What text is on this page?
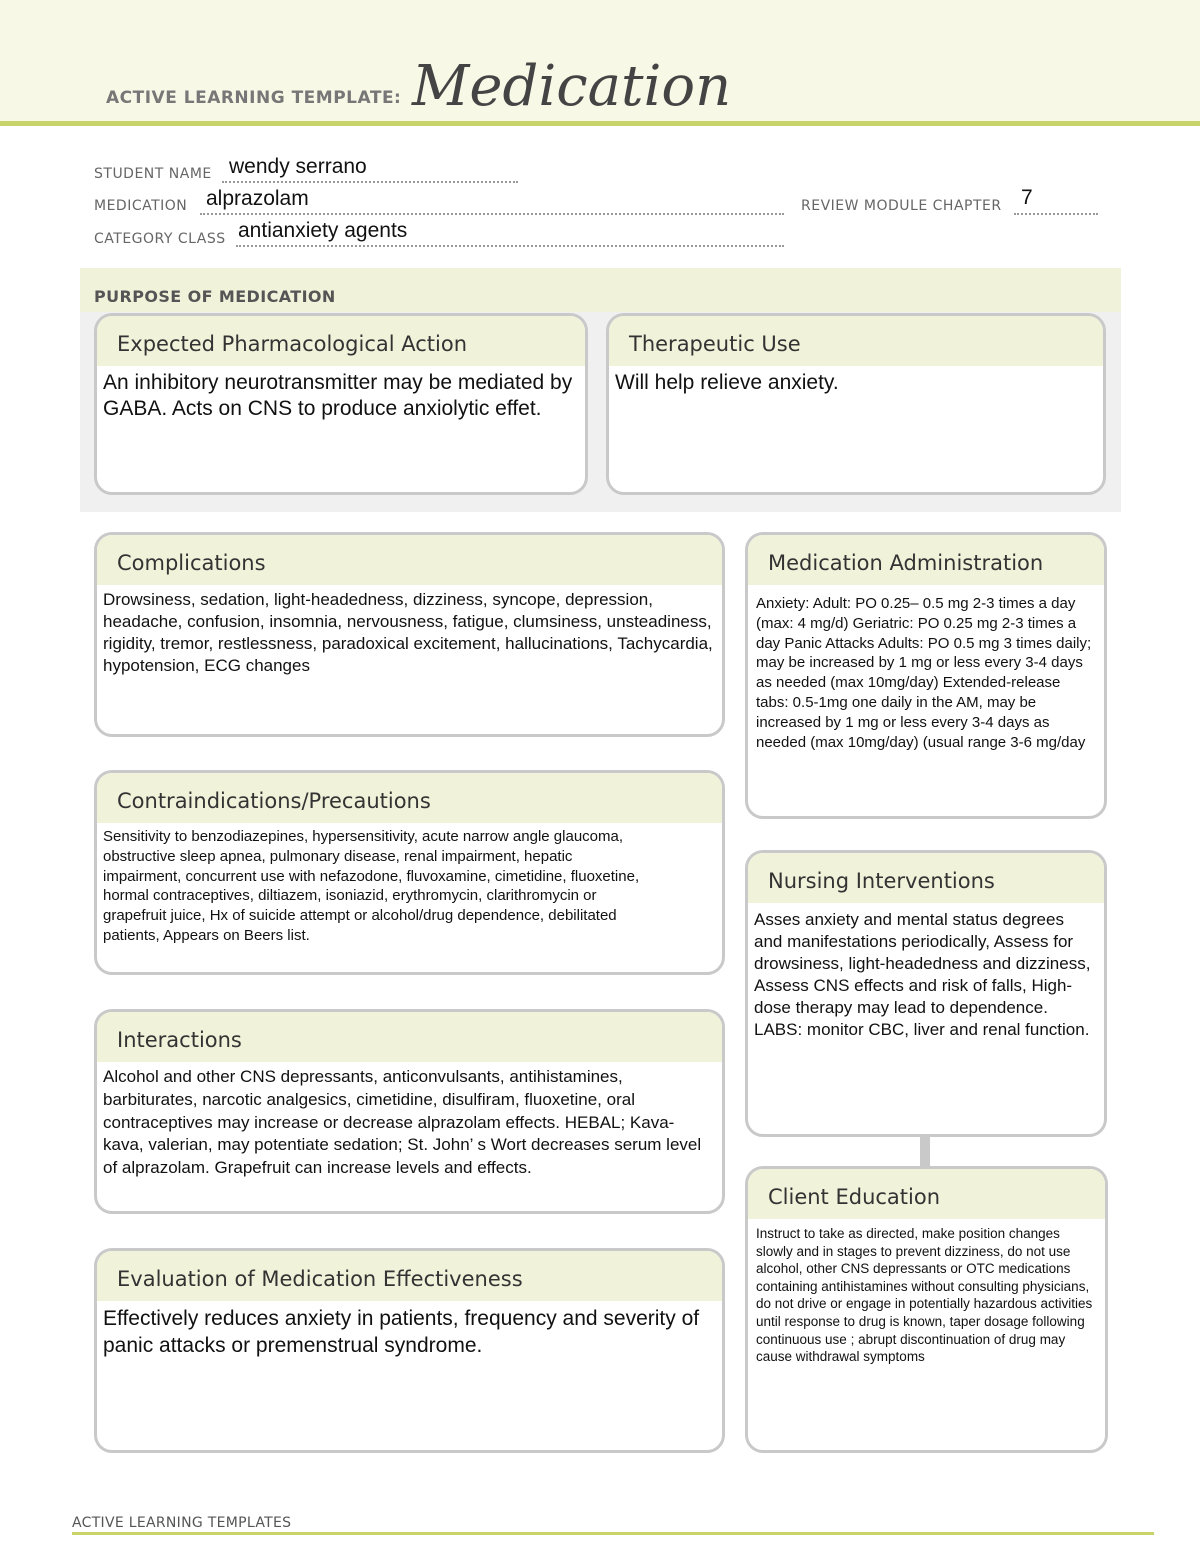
ACTIVE LEARNING TEMPLATE: Medication
STUDENT NAME wendy serrano
MEDICATION alprazolam	REVIEW MODULE CHAPTER 7
CATEGORY CLASS antianxiety agents
PURPOSE OF MEDICATION
Expected Pharmacological Action
An inhibitory neurotransmitter may be mediated by GABA. Acts on CNS to produce anxiolytic effet.
Therapeutic Use
Will help relieve anxiety.
Complications
Drowsiness, sedation, light-headedness, dizziness, syncope, depression, headache, confusion, insomnia, nervousness, fatigue, clumsiness, unsteadiness, rigidity, tremor, restlessness, paradoxical excitement, hallucinations, Tachycardia, hypotension, ECG changes
Contraindications/Precautions
Sensitivity to benzodiazepines, hypersensitivity, acute narrow angle glaucoma, obstructive sleep apnea, pulmonary disease, renal impairment, hepatic impairment, concurrent use with nefazodone, fluvoxamine, cimetidine, fluoxetine, hormal contraceptives, diltiazem, isoniazid, erythromycin, clarithromycin or grapefruit juice, Hx of suicide attempt or alcohol/drug dependence, debilitated patients, Appears on Beers list.
Interactions
Alcohol and other CNS depressants, anticonvulsants, antihistamines, barbiturates, narcotic analgesics, cimetidine, disulfiram, fluoxetine, oral contraceptives may increase or decrease alprazolam effects. HEBAL; Kava-kava, valerian, may potentiate sedation; St. John’ s Wort decreases serum level of alprazolam. Grapefruit can increase levels and effects.
Evaluation of Medication Effectiveness
Effectively reduces anxiety in patients, frequency and severity of panic attacks or premenstrual syndrome.
Medication Administration
Anxiety: Adult: PO 0.25– 0.5 mg 2-3 times a day (max: 4 mg/d) Geriatric: PO 0.25 mg 2-3 times a day Panic Attacks Adults: PO 0.5 mg 3 times daily; may be increased by 1 mg or less every 3-4 days as needed (max 10mg/day) Extended-release tabs: 0.5-1mg one daily in the AM, may be increased by 1 mg or less every 3-4 days as needed (max 10mg/day) (usual range 3-6 mg/day
Nursing Interventions
Asses anxiety and mental status degrees and manifestations periodically, Assess for drowsiness, light-headedness and dizziness, Assess CNS effects and risk of falls, High-dose therapy may lead to dependence. LABS: monitor CBC, liver and renal function.
Client Education
Instruct to take as directed, make position changes slowly and in stages to prevent dizziness, do not use alcohol, other CNS depressants or OTC medications containing antihistamines without consulting physicians, do not drive or engage in potentially hazardous activities until response to drug is known, taper dosage following continuous use ; abrupt discontinuation of drug may cause withdrawal symptoms
ACTIVE LEARNING TEMPLATES
